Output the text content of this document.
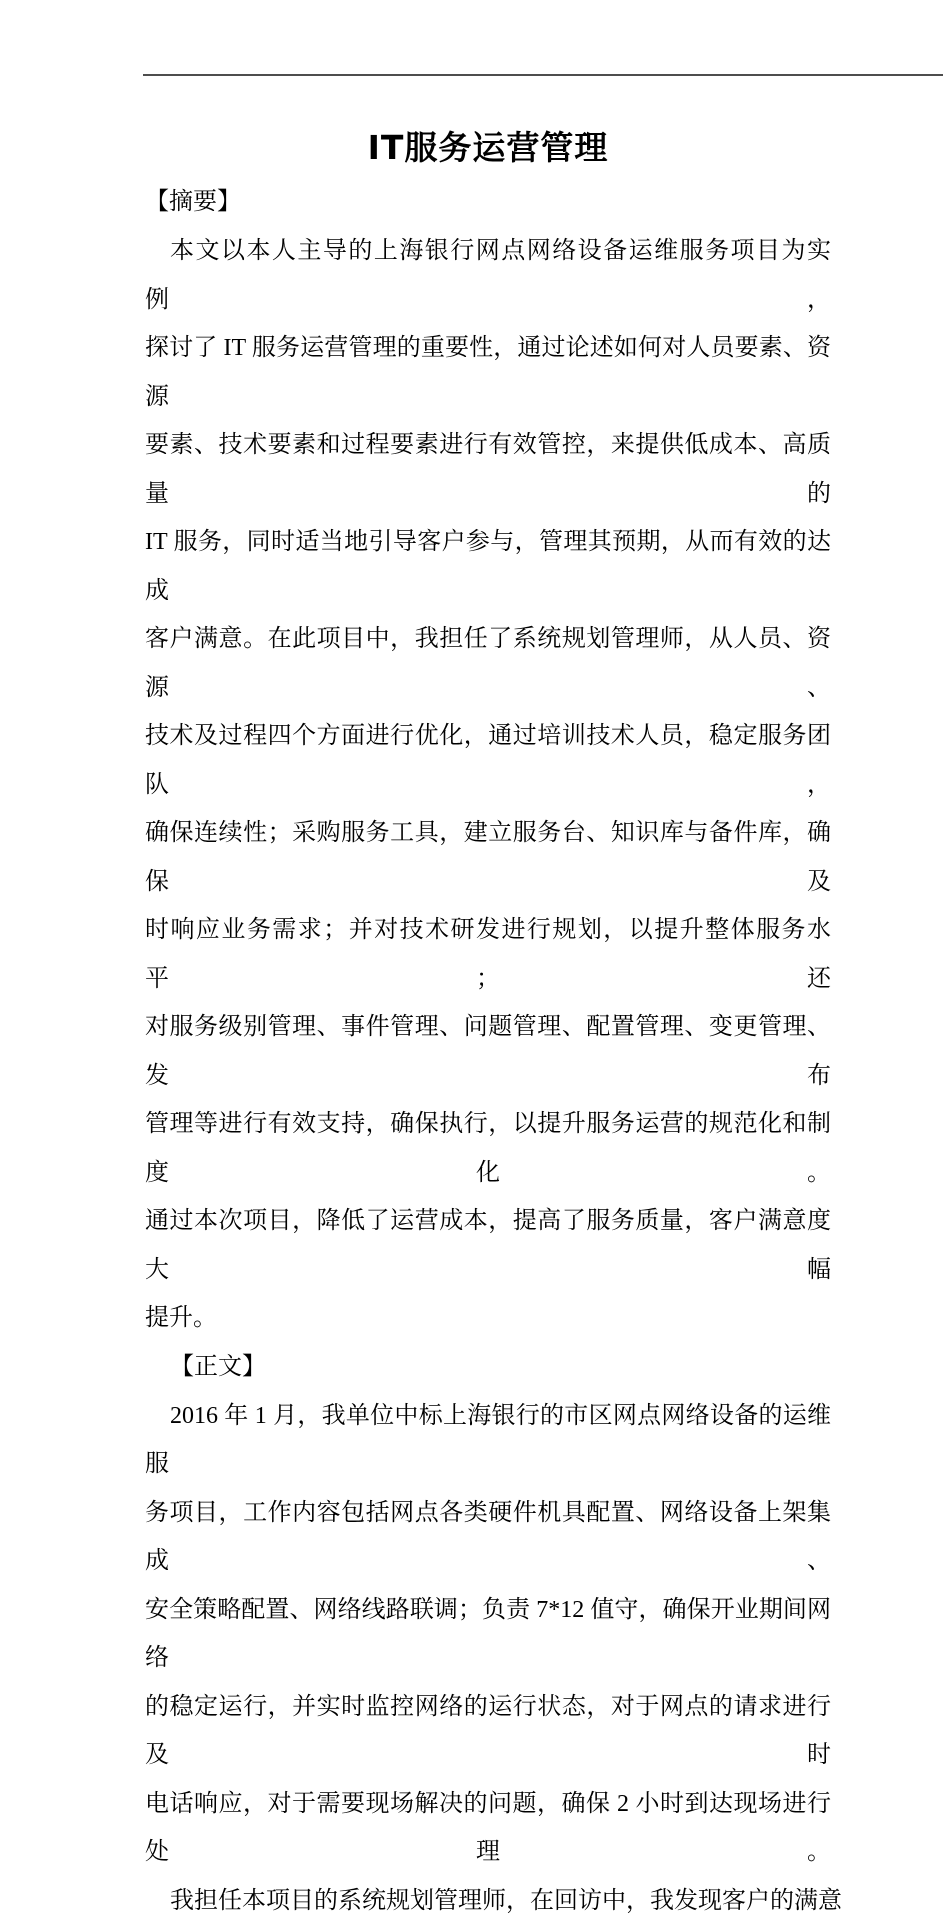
IT服务运营管理
【摘要】
本文以本人主导的上海银行网点网络设备运维服务项目为实例，
探讨了 IT 服务运营管理的重要性，通过论述如何对人员要素、资源
要素、技术要素和过程要素进行有效管控，来提供低成本、高质量的
IT 服务，同时适当地引导客户参与，管理其预期，从而有效的达成
客户满意。在此项目中，我担任了系统规划管理师，从人员、资源、
技术及过程四个方面进行优化，通过培训技术人员，稳定服务团队，
确保连续性；采购服务工具，建立服务台、知识库与备件库，确保及
时响应业务需求；并对技术研发进行规划，以提升整体服务水平；还
对服务级别管理、事件管理、问题管理、配置管理、变更管理、发布
管理等进行有效支持，确保执行，以提升服务运营的规范化和制度化。
通过本次项目，降低了运营成本，提高了服务质量，客户满意度大幅
提升。
【正文】
2016 年 1 月，我单位中标上海银行的市区网点网络设备的运维服
务项目，工作内容包括网点各类硬件机具配置、网络设备上架集成、
安全策略配置、网络线路联调；负责 7*12 值守，确保开业期间网络
的稳定运行，并实时监控网络的运行状态，对于网点的请求进行及时
电话响应，对于需要现场解决的问题，确保 2 小时到达现场进行处理。
我担任本项目的系统规划管理师，在回访中，我发现客户的满意
